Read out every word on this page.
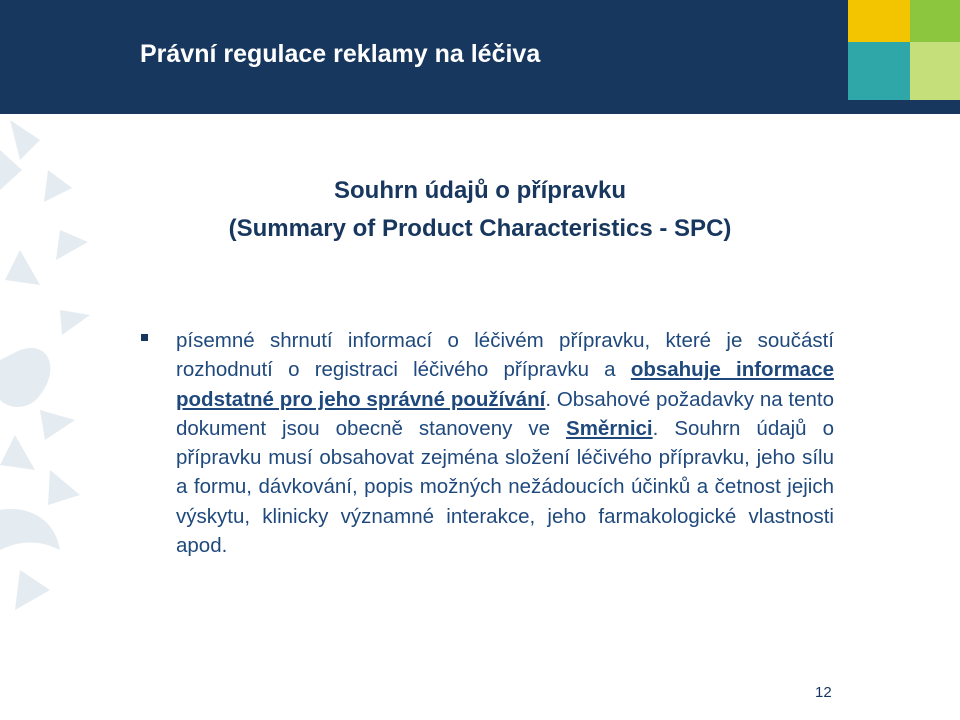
Právní regulace reklamy na léčiva
Souhrn údajů o přípravku
(Summary of Product Characteristics - SPC)
písemné shrnutí informací o léčivém přípravku, které je součástí rozhodnutí o registraci léčivého přípravku a obsahuje informace podstatné pro jeho správné používání. Obsahové požadavky na tento dokument jsou obecně stanoveny ve Směrnici. Souhrn údajů o přípravku musí obsahovat zejména složení léčivého přípravku, jeho sílu a formu, dávkování, popis možných nežádoucích účinků a četnost jejich výskytu, klinicky významné interakce, jeho farmakologické vlastnosti apod.
12
